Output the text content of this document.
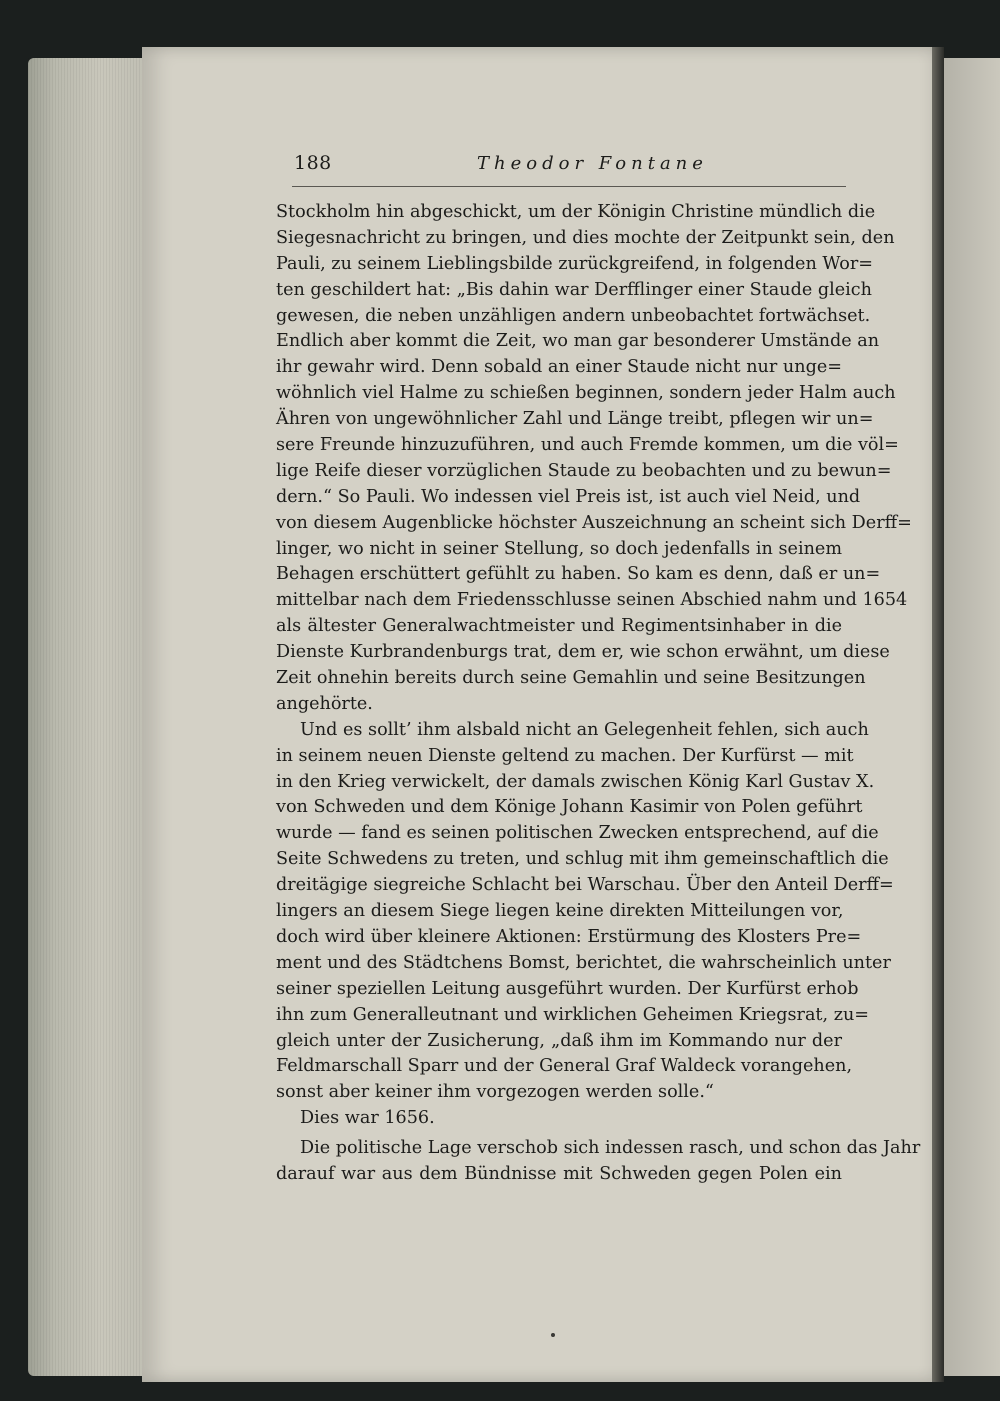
188	Theodor Fontane
Stockholm hin abgeschickt, um der Königin Christine mündlich die
Siegesnachricht zu bringen, und dies mochte der Zeitpunkt sein, den
Pauli, zu seinem Lieblingsbilde zurückgreifend, in folgenden Wor=
ten geschildert hat: „Bis dahin war Derfflinger einer Staude gleich
gewesen, die neben unzähligen andern unbeobachtet fortwächset.
Endlich aber kommt die Zeit, wo man gar besonderer Umstände an
ihr gewahr wird. Denn sobald an einer Staude nicht nur unge=
wöhnlich viel Halme zu schießen beginnen, sondern jeder Halm auch
Ähren von ungewöhnlicher Zahl und Länge treibt, pflegen wir un=
sere Freunde hinzuzuführen, und auch Fremde kommen, um die völ=
lige Reife dieser vorzüglichen Staude zu beobachten und zu bewun=
dern.“ So Pauli. Wo indessen viel Preis ist, ist auch viel Neid, und
von diesem Augenblicke höchster Auszeichnung an scheint sich Derff=
linger, wo nicht in seiner Stellung, so doch jedenfalls in seinem
Behagen erschüttert gefühlt zu haben. So kam es denn, daß er un=
mittelbar nach dem Friedensschlusse seinen Abschied nahm und 1654
als ältester Generalwachtmeister und Regimentsinhaber in die
Dienste Kurbrandenburgs trat, dem er, wie schon erwähnt, um diese
Zeit ohnehin bereits durch seine Gemahlin und seine Besitzungen
angehörte.
Und es sollt’ ihm alsbald nicht an Gelegenheit fehlen, sich auch
in seinem neuen Dienste geltend zu machen. Der Kurfürst — mit
in den Krieg verwickelt, der damals zwischen König Karl Gustav X.
von Schweden und dem Könige Johann Kasimir von Polen geführt
wurde — fand es seinen politischen Zwecken entsprechend, auf die
Seite Schwedens zu treten, und schlug mit ihm gemeinschaftlich die
dreitägige siegreiche Schlacht bei Warschau. Über den Anteil Derff=
lingers an diesem Siege liegen keine direkten Mitteilungen vor,
doch wird über kleinere Aktionen: Erstürmung des Klosters Pre=
ment und des Städtchens Bomst, berichtet, die wahrscheinlich unter
seiner speziellen Leitung ausgeführt wurden. Der Kurfürst erhob
ihn zum Generalleutnant und wirklichen Geheimen Kriegsrat, zu=
gleich unter der Zusicherung, „daß ihm im Kommando nur der
Feldmarschall Sparr und der General Graf Waldeck vorangehen,
sonst aber keiner ihm vorgezogen werden solle.“
Dies war 1656.
Die politische Lage verschob sich indessen rasch, und schon das Jahr
darauf war aus dem Bündnisse mit Schweden gegen Polen ein
